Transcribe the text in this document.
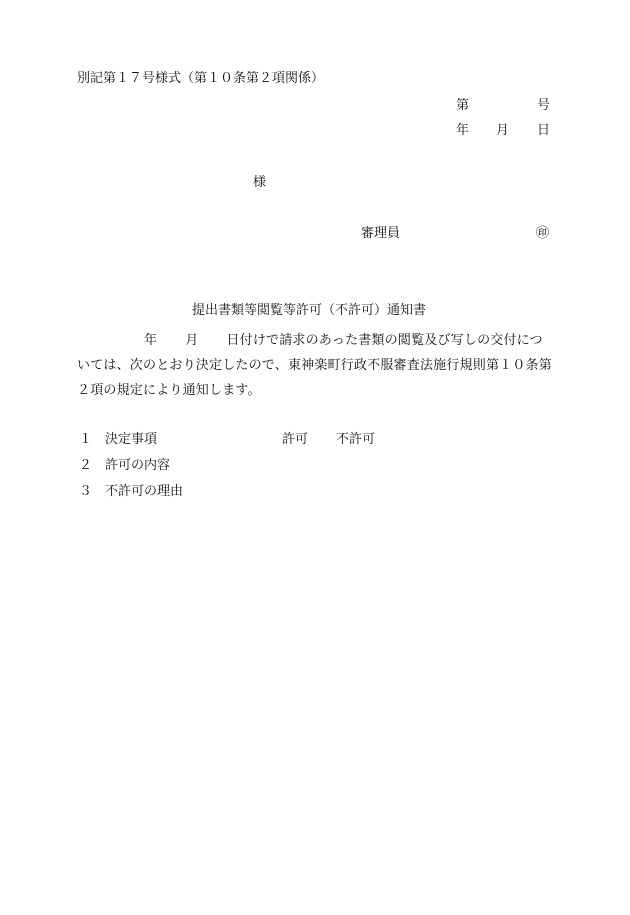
別記第１７号様式（第１０条第２項関係）
第	号
年 月 日
様
審理員	㊞
提出書類等閲覧等許可（不許可）通知書
年 月 日付けで請求のあった書類の閲覧及び写しの交付については、次のとおり決定したので、東神楽町行政不服審査法施行規則第１０条第２項の規定により通知します。
１ 決定事項	許可 不許可
２ 許可の内容
３ 不許可の理由
